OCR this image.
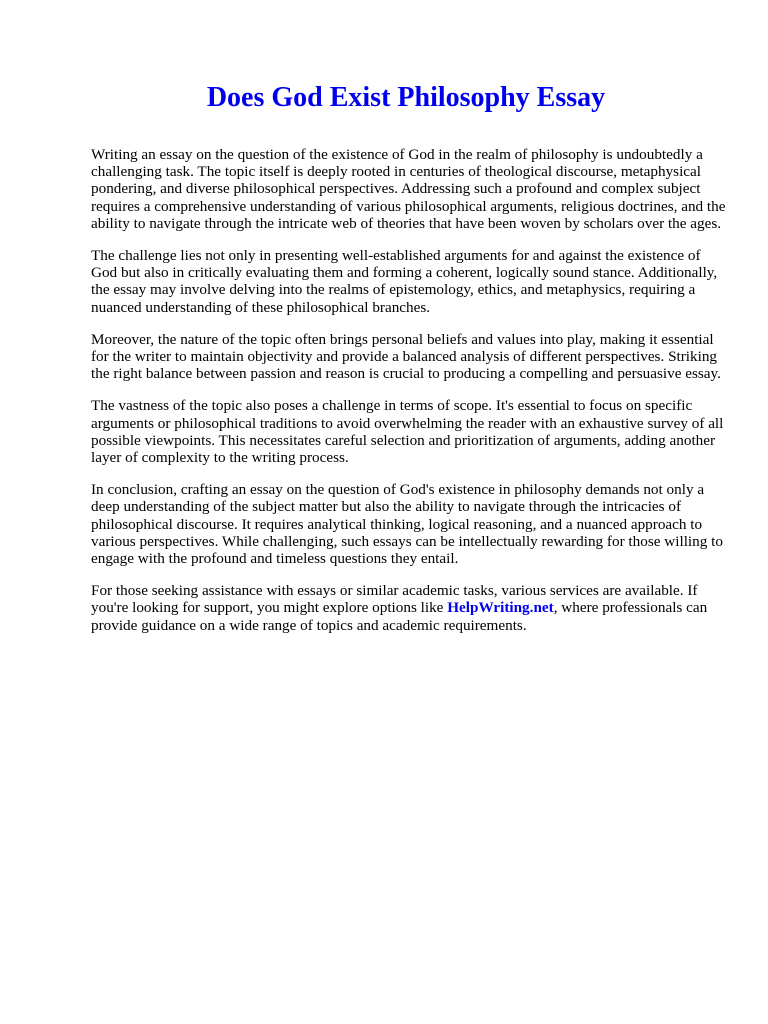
Does God Exist Philosophy Essay

Writing an essay on the question of the existence of God in the realm of philosophy is undoubtedly a challenging task. The topic itself is deeply rooted in centuries of theological discourse, metaphysical pondering, and diverse philosophical perspectives. Addressing such a profound and complex subject requires a comprehensive understanding of various philosophical arguments, religious doctrines, and the ability to navigate through the intricate web of theories that have been woven by scholars over the ages.

The challenge lies not only in presenting well-established arguments for and against the existence of God but also in critically evaluating them and forming a coherent, logically sound stance. Additionally, the essay may involve delving into the realms of epistemology, ethics, and metaphysics, requiring a nuanced understanding of these philosophical branches.

Moreover, the nature of the topic often brings personal beliefs and values into play, making it essential for the writer to maintain objectivity and provide a balanced analysis of different perspectives. Striking the right balance between passion and reason is crucial to producing a compelling and persuasive essay.

The vastness of the topic also poses a challenge in terms of scope. It's essential to focus on specific arguments or philosophical traditions to avoid overwhelming the reader with an exhaustive survey of all possible viewpoints. This necessitates careful selection and prioritization of arguments, adding another layer of complexity to the writing process.

In conclusion, crafting an essay on the question of God's existence in philosophy demands not only a deep understanding of the subject matter but also the ability to navigate through the intricacies of philosophical discourse. It requires analytical thinking, logical reasoning, and a nuanced approach to various perspectives. While challenging, such essays can be intellectually rewarding for those willing to engage with the profound and timeless questions they entail.

For those seeking assistance with essays or similar academic tasks, various services are available. If you're looking for support, you might explore options like HelpWriting.net, where professionals can provide guidance on a wide range of topics and academic requirements.
